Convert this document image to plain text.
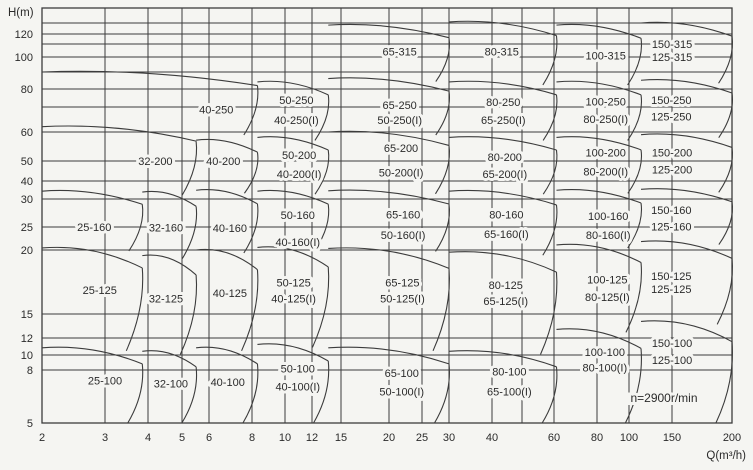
2	3	4	5 6	8 10 12 15	20 25 30	40	60	80 100 150	200
120
100
80
60
50
40
30
25
20
15
12
10
8
5
25-100	32-100 40-100
50-100
40-100(I)
65-100
50-100(I)
80-100
65-100(I)
100-100
80-100(I)
150-100
125-100
25-125
32-125	40-125
50-125
40-125(I)
65-125
50-125(I)
80-125
65-125(I)
100-125
80-125(I)
150-125
125-125
25-160	32-160	40-160
50-160
40-160(I)
65-160
50-160(I)
80-160
65-160(I)
100-160
80-160(I)
150-160
125-160
32-200	40-200
50-200
40-200(I)
65-200
50-200(I)
80-200
65-200(I)
100-200
80-200(I)
150-200
125-200
40-250
50-250
40-250(I)
65-250
50-250(I)
80-250
65-250(I)
100-250
80-250(I)
150-250
125-250
65-315	80-315	100-315
150-315
125-315
H(m)
Q(m³/h)
n=2900r/min
